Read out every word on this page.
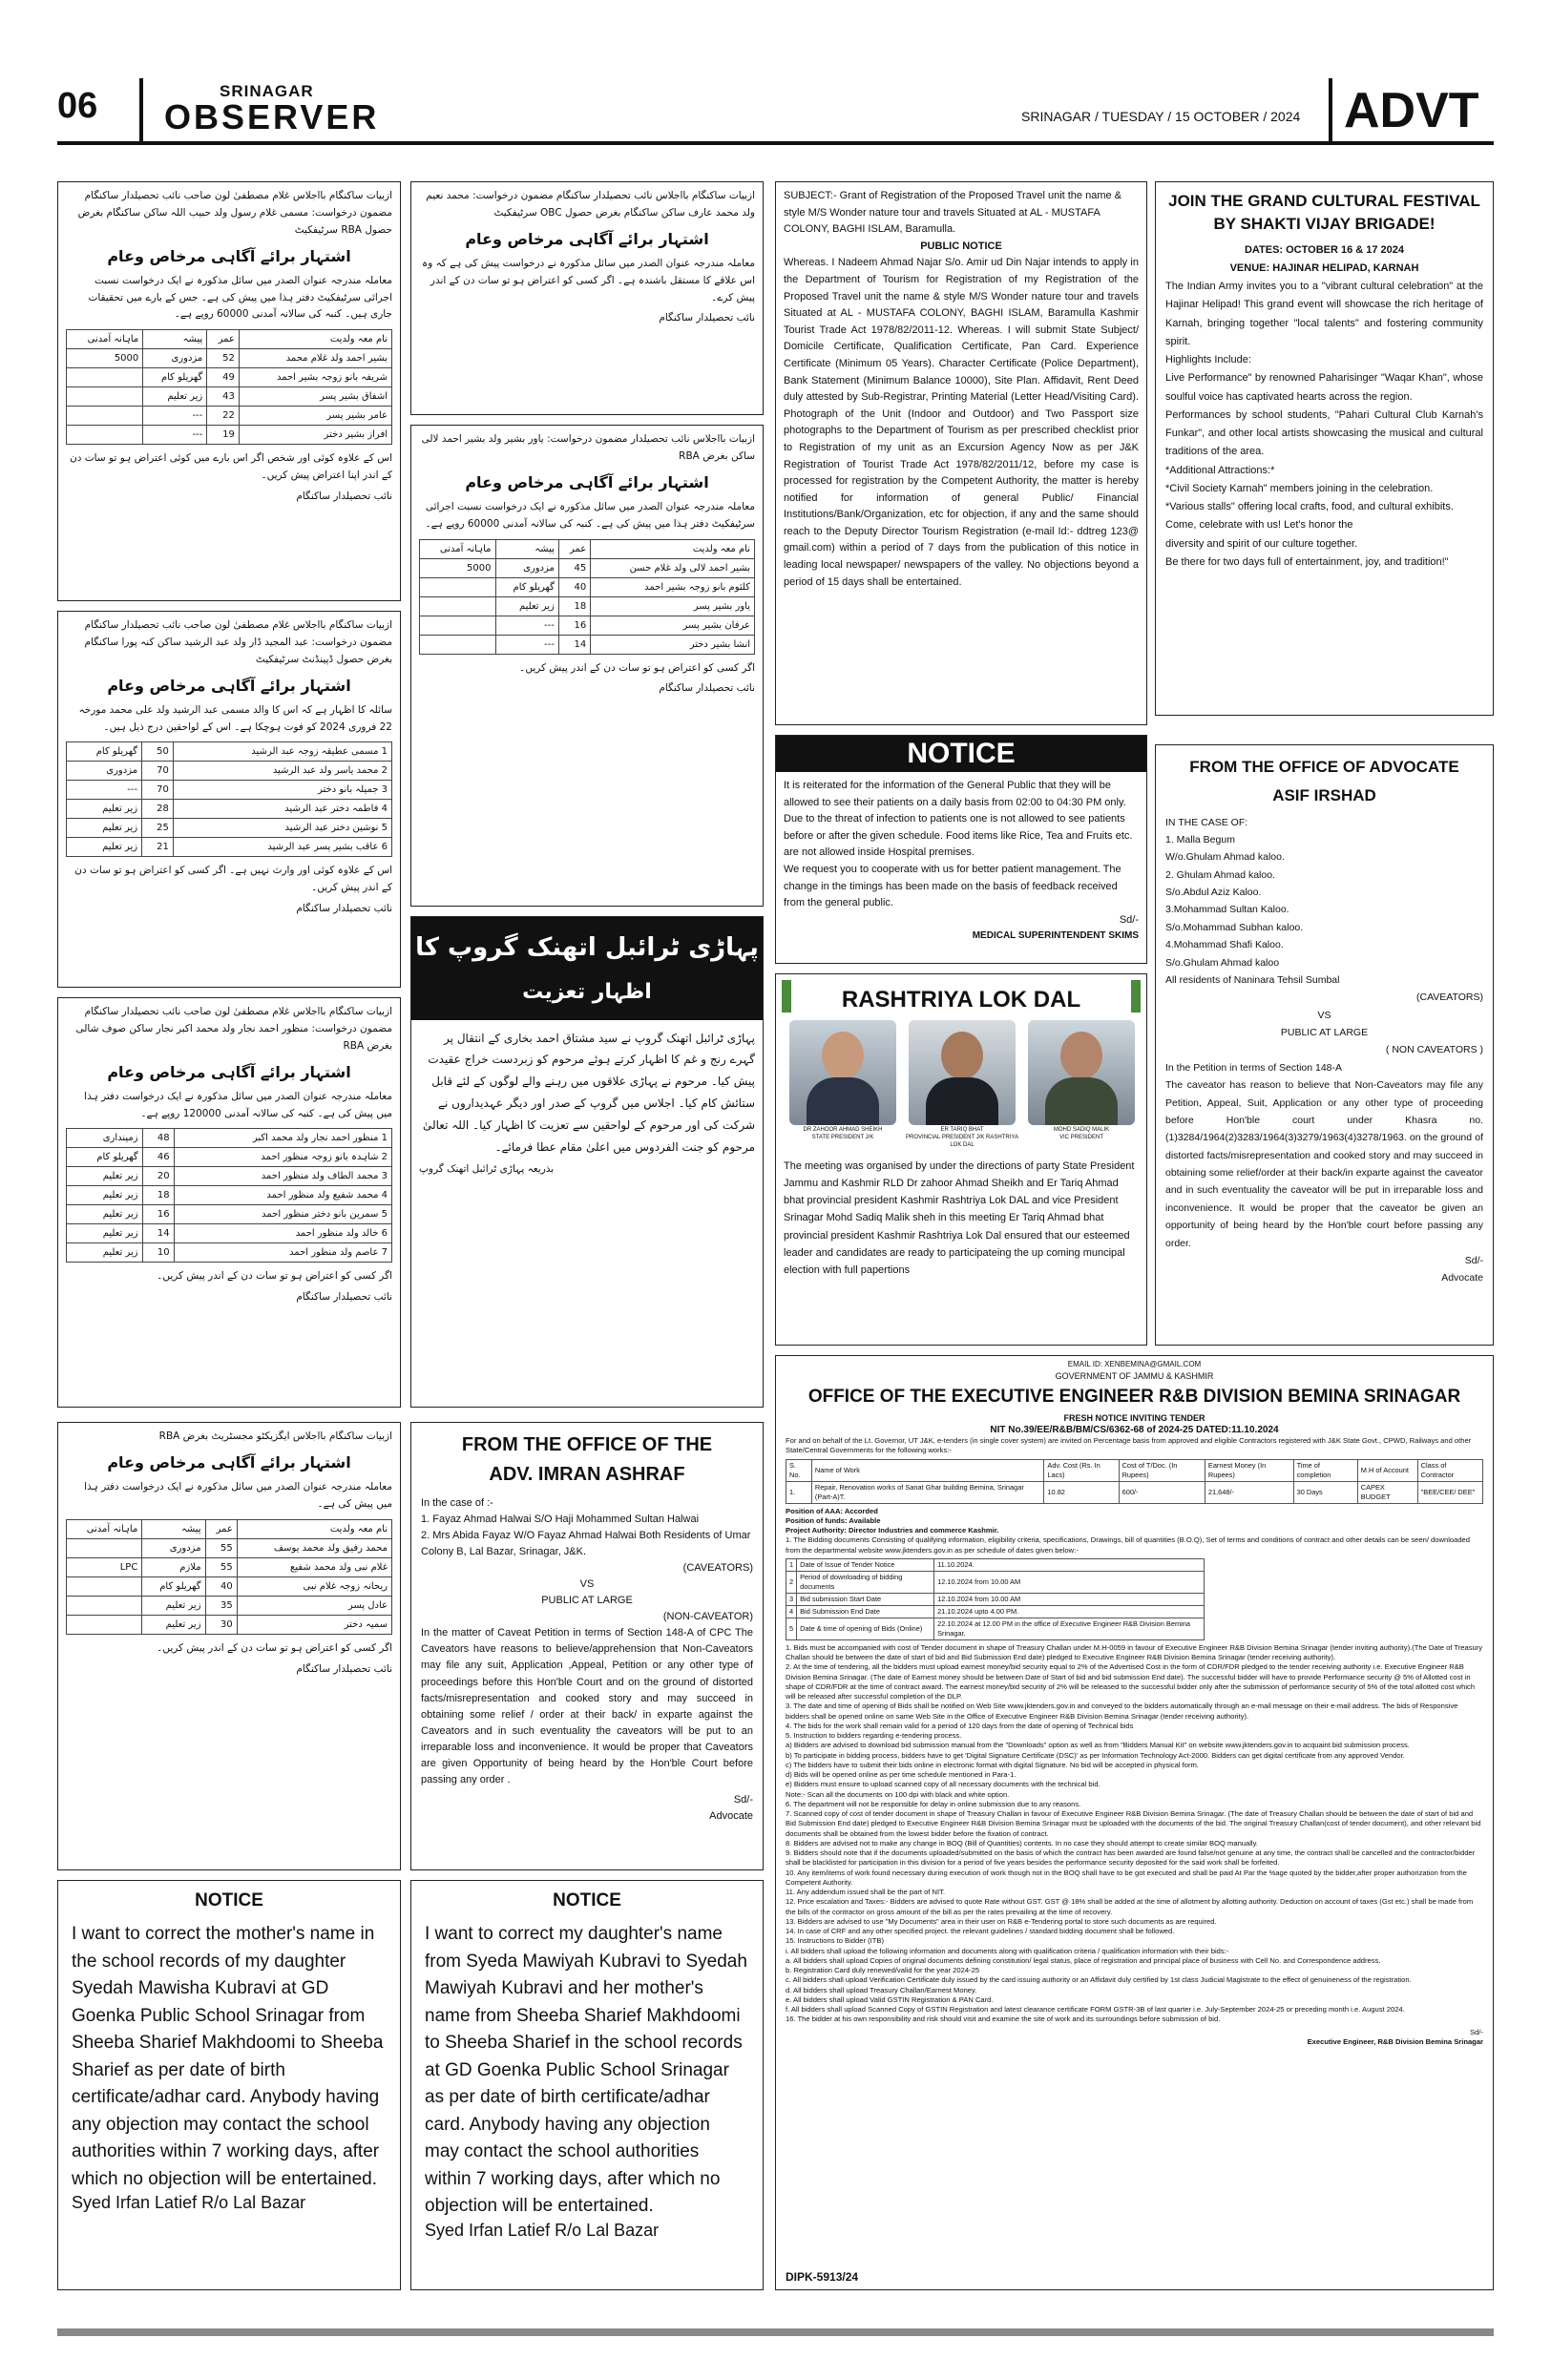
06	SRINAGAR
OBSERVER	SRINAGAR / TUESDAY / 15 OCTOBER / 2024 ADVT
ازبیات ساکنگام بااجلاس غلام مصطفیٰ لون صاحب نائب تحصیلدار ساکنگام مضمون درخواست: مسمی غلام رسول ولد حبیب اللہ ساکن ساکنگام بغرض حصول RBA سرٹیفکیٹ
اشتہار برائے آگاہی مرخاص وعام
معاملہ مندرجہ عنوان الصدر میں سائل مذکورہ نے ایک درخواست نسبت اجرائی سرٹیفکیٹ دفتر ہذا میں پیش کی ہے۔ جس کے بارے میں تحقیقات جاری ہیں۔ کنبہ کی سالانہ آمدنی 60000 روپے ہے۔
نام معہ ولدیت	عمر	پیشہ	ماہانہ آمدنی
بشیر احمد ولد غلام محمد	52	مزدوری	5000
شریفہ بانو زوجہ بشیر احمد	49	گھریلو کام	
اشفاق بشیر پسر	43	زیر تعلیم	
عامر بشیر پسر	22	---	
افراز بشیر دختر	19	---	
اس کے علاوہ کوئی اور شخص اگر اس بارے میں کوئی اعتراض ہو تو سات دن کے اندر اپنا اعتراض پیش کریں۔
نائب تحصیلدار ساکنگام
ازبیات ساکنگام بااجلاس غلام مصطفیٰ لون صاحب نائب تحصیلدار ساکنگام مضمون درخواست: عبد المجید ڈار ولد عبد الرشید ساکن کنہ پورا ساکنگام بغرض حصول ڈپینڈنٹ سرٹیفکیٹ
اشتہار برائے آگاہی مرخاص وعام
سائلہ کا اظہار ہے کہ اس کا والد مسمی عبد الرشید ولد علی محمد مورخہ 22 فروری 2024 کو فوت ہوچکا ہے۔ اس کے لواحقین درج ذیل ہیں۔
1 مسمی عطیقہ زوجہ عبد الرشید	50	گھریلو کام
2 محمد یاسر ولد عبد الرشید	70	مزدوری
3 جمیلہ بانو دختر	70	---
4 فاطمہ دختر عبد الرشید	28	زیر تعلیم
5 نوشین دختر عبد الرشید	25	زیر تعلیم
6 عاقب بشیر پسر عبد الرشید	21	زیر تعلیم
اس کے علاوہ کوئی اور وارث نہیں ہے۔ اگر کسی کو اعتراض ہو تو سات دن کے اندر پیش کریں۔
نائب تحصیلدار ساکنگام
ازبیات ساکنگام بااجلاس غلام مصطفیٰ لون صاحب نائب تحصیلدار ساکنگام مضمون درخواست: منظور احمد نجار ولد محمد اکبر نجار ساکن صوف شالی بغرض RBA
اشتہار برائے آگاہی مرخاص وعام
معاملہ مندرجہ عنوان الصدر میں سائل مذکورہ نے ایک درخواست دفتر ہذا میں پیش کی ہے۔ کنبہ کی سالانہ آمدنی 120000 روپے ہے۔
1 منظور احمد نجار ولد محمد اکبر	48	زمینداری
2 شاہدہ بانو زوجہ منظور احمد	46	گھریلو کام
3 محمد الطاف ولد منظور احمد	20	زیر تعلیم
4 محمد شفیع ولد منظور احمد	18	زیر تعلیم
5 سمرین بانو دختر منظور احمد	16	زیر تعلیم
6 خالد ولد منظور احمد	14	زیر تعلیم
7 عاصم ولد منظور احمد	10	زیر تعلیم
اگر کسی کو اعتراض ہو تو سات دن کے اندر پیش کریں۔
نائب تحصیلدار ساکنگام
ازبیات ساکنگام بااجلاس ایگزیکٹو مجسٹریٹ بغرض RBA
اشتہار برائے آگاہی مرخاص وعام
معاملہ مندرجہ عنوان الصدر میں سائل مذکورہ نے ایک درخواست دفتر ہذا میں پیش کی ہے۔
نام معہ ولدیت	عمر	پیشہ	ماہانہ آمدنی
محمد رفیق ولد محمد یوسف	55	مزدوری	
غلام نبی ولد محمد شفیع	55	ملازم	LPC
ریحانہ زوجہ غلام نبی	40	گھریلو کام	
عادل پسر	35	زیر تعلیم	
سمیہ دختر	30	زیر تعلیم	
اگر کسی کو اعتراض ہو تو سات دن کے اندر پیش کریں۔
نائب تحصیلدار ساکنگام
ازبیات ساکنگام بااجلاس نائب تحصیلدار ساکنگام مضمون درخواست: محمد نعیم ولد محمد عارف ساکن ساکنگام بغرض حصول OBC سرٹیفکیٹ
اشتہار برائے آگاہی مرخاص وعام
معاملہ مندرجہ عنوان الصدر میں سائل مذکورہ نے درخواست پیش کی ہے کہ وہ اس علاقے کا مستقل باشندہ ہے۔ اگر کسی کو اعتراض ہو تو سات دن کے اندر پیش کرے۔
نائب تحصیلدار ساکنگام
ازبیات بااجلاس نائب تحصیلدار مضمون درخواست: یاور بشیر ولد بشیر احمد لالی ساکن بغرض RBA
اشتہار برائے آگاہی مرخاص وعام
معاملہ مندرجہ عنوان الصدر میں سائل مذکورہ نے ایک درخواست نسبت اجرائی سرٹیفکیٹ دفتر ہذا میں پیش کی ہے۔ کنبہ کی سالانہ آمدنی 60000 روپے ہے۔
نام معہ ولدیت	عمر	پیشہ	ماہانہ آمدنی
بشیر احمد لالی ولد غلام حسن	45	مزدوری	5000
کلثوم بانو زوجہ بشیر احمد	40	گھریلو کام	
یاور بشیر پسر	18	زیر تعلیم	
عرفان بشیر پسر	16	---	
انشا بشیر دختر	14	---	
اگر کسی کو اعتراض ہو تو سات دن کے اندر پیش کریں۔
نائب تحصیلدار ساکنگام
پہاڑی ٹرائبل اتھنک گروپ کا
اظہار تعزیت
پہاڑی ٹرائبل اتھنک گروپ نے سید مشتاق احمد بخاری کے انتقال پر گہرے رنج و غم کا اظہار کرتے ہوئے مرحوم کو زبردست خراج عقیدت پیش کیا۔ مرحوم نے پہاڑی علاقوں میں رہنے والے لوگوں کے لئے قابل ستائش کام کیا۔ اجلاس میں گروپ کے صدر اور دیگر عہدیداروں نے شرکت کی اور مرحوم کے لواحقین سے تعزیت کا اظہار کیا۔ اللہ تعالیٰ مرحوم کو جنت الفردوس میں اعلیٰ مقام عطا فرمائے۔
بذریعہ پہاڑی ٹرائبل اتھنک گروپ
FROM THE OFFICE OF THE
ADV. IMRAN ASHRAF
In the case of :-
1. Fayaz Ahmad Halwai S/O Haji Mohammed Sultan Halwai
2. Mrs Abida Fayaz W/O Fayaz Ahmad Halwai Both Residents of Umar Colony B, Lal Bazar, Srinagar, J&K.
(CAVEATORS)
VS
PUBLIC AT LARGE
(NON-CAVEATOR)
In the matter of Caveat Petition in terms of Section 148-A of CPC The Caveators have reasons to believe/apprehension that Non-Caveators may file any suit, Application ,Appeal, Petition or any other type of proceedings before this Hon'ble Court and on the ground of distorted facts/misrepresentation and cooked story and may succeed in obtaining some relief / order at their back/ in exparte against the Caveators and in such eventuality the caveators will be put to an irreparable loss and inconvenience. It would be proper that Caveators are given Opportunity of being heard by the Hon'ble Court before passing any order .
Sd/-
Advocate
SUBJECT:- Grant of Registration of the Proposed Travel unit the name & style M/S Wonder nature tour and travels Situated at AL - MUSTAFA COLONY, BAGHI ISLAM, Baramulla.
PUBLIC NOTICE
Whereas. I Nadeem Ahmad Najar S/o. Amir ud Din Najar intends to apply in the Department of Tourism for Registration of my Registration of the Proposed Travel unit the name & style M/S Wonder nature tour and travels Situated at AL - MUSTAFA COLONY, BAGHI ISLAM, Baramulla Kashmir Tourist Trade Act 1978/82/2011-12. Whereas. I will submit State Subject/ Domicile Certificate, Qualification Certificate, Pan Card. Experience Certificate (Minimum 05 Years). Character Certificate (Police Department), Bank Statement (Minimum Balance 10000), Site Plan. Affidavit, Rent Deed duly attested by Sub-Registrar, Printing Material (Letter Head/Visiting Card). Photograph of the Unit (Indoor and Outdoor) and Two Passport size photographs to the Department of Tourism as per prescribed checklist prior to Registration of my unit as an Excursion Agency Now as per J&K Registration of Tourist Trade Act 1978/82/2011/12, before my case is processed for registration by the Competent Authority, the matter is hereby notified for information of general Public/ Financial Institutions/Bank/Organization, etc for objection, if any and the same should reach to the Deputy Director Tourism Registration (e-mail Id:- ddtreg 123@ gmail.com) within a period of 7 days from the publication of this notice in leading local newspaper/ newspapers of the valley. No objections beyond a period of 15 days shall be entertained.
NOTICE
It is reiterated for the information of the General Public that they will be allowed to see their patients on a daily basis from 02:00 to 04:30 PM only. Due to the threat of infection to patients one is not allowed to see patients before or after the given schedule. Food items like Rice, Tea and Fruits etc. are not allowed inside Hospital premises.
We request you to cooperate with us for better patient management. The change in the timings has been made on the basis of feedback received from the general public.
Sd/-
MEDICAL SUPERINTENDENT SKIMS
RASHTRIYA LOK DAL
DR ZAHOOR AHMAD SHEIKH
STATE PRESIDENT J/K
ER TARIQ BHAT
PROVINCIAL PRESIDENT J/K RASHTRIYA LOK DAL
MOHD SADIQ MALIK
VIC PRESIDENT
The meeting was organised by under the directions of party State President Jammu and Kashmir RLD Dr zahoor Ahmad Sheikh and Er Tariq Ahmad bhat provincial president Kashmir Rashtriya Lok DAL and vice President Srinagar Mohd Sadiq Malik sheh in this meeting Er Tariq Ahmad bhat provincial president Kashmir Rashtriya Lok Dal ensured that our esteemed leader and candidates are ready to participateing the up coming muncipal election with full papertions
JOIN THE GRAND CULTURAL FESTIVAL BY SHAKTI VIJAY BRIGADE!
DATES: OCTOBER 16 & 17 2024
VENUE: HAJINAR HELIPAD, KARNAH
The Indian Army invites you to a "vibrant cultural celebration" at the Hajinar Helipad! This grand event will showcase the rich heritage of Karnah, bringing together "local talents" and fostering community spirit.
Highlights Include:
Live Performance" by renowned Paharisinger "Waqar Khan", whose soulful voice has captivated hearts across the region.
Performances by school students, "Pahari Cultural Club Karnah's Funkar", and other local artists showcasing the musical and cultural traditions of the area.
*Additional Attractions:*
*Civil Society Karnah" members joining in the celebration.
*Various stalls" offering local crafts, food, and cultural exhibits.
Come, celebrate with us! Let's honor the
diversity and spirit of our culture together.
Be there for two days full of entertainment, joy, and tradition!"
FROM THE OFFICE OF ADVOCATE
ASIF IRSHAD
IN THE CASE OF:
1. Malla Begum
W/o.Ghulam Ahmad kaloo.
2. Ghulam Ahmad kaloo.
S/o.Abdul Aziz Kaloo.
3.Mohammad Sultan Kaloo.
S/o.Mohammad Subhan kaloo.
4.Mohammad Shafi Kaloo.
S/o.Ghulam Ahmad kaloo
All residents of Naninara Tehsil Sumbal
(CAVEATORS)
VS
PUBLIC AT LARGE
( NON CAVEATORS )
In the Petition in terms of Section 148-A
The caveator has reason to believe that Non-Caveators may file any Petition, Appeal, Suit, Application or any other type of proceeding before Hon'ble court under Khasra no.(1)3284/1964(2)3283/1964(3)3279/1963(4)3278/1963. on the ground of distorted facts/misrepresentation and cooked story and may succeed in obtaining some relief/order at their back/in exparte against the caveator and in such eventuality the caveator will be put in irreparable loss and inconvenience. It would be proper that the caveator be given an opportunity of being heard by the Hon'ble court before passing any order.
Sd/-
Advocate
EMAIL ID: XENBEMINA@GMAIL.COM
GOVERNMENT OF JAMMU & KASHMIR
OFFICE OF THE EXECUTIVE ENGINEER R&B DIVISION BEMINA SRINAGAR
FRESH NOTICE INVITING TENDER
NIT No.39/EE/R&B/BM/CS/6362-68 of 2024-25 DATED:11.10.2024
For and on behalf of the Lt. Governor, UT J&K, e-tenders (in single cover system) are invited on Percentage basis from approved and eligible Contractors registered with J&K State Govt., CPWD, Railways and other State/Central Governments for the following works:-
S. No.	Name of Work	Adv. Cost (Rs. In Lacs)	Cost of T/Doc. (In Rupees)	Earnest Money (In Rupees)	Time of completion	M.H of Account	Class of Contractor
1.	Repair, Renovation works of Sanat Ghar building Bemina, Srinagar (Part-A)T.	10.82	600/-	21,648/-	30 Days	CAPEX BUDGET	"BEE/CEE/ DEE"
Position of AAA: Accorded
Position of funds: Available
Project Authority: Director Industries and commerce Kashmir.
1. The Bidding documents Consisting of qualifying information, eligibility criteria, specifications, Drawings, bill of quantities (B.O.Q), Set of terms and conditions of contract and other details can be seen/ downloaded from the departmental website www.jktenders.gov.in as per schedule of dates given below:-
1	Date of Issue of Tender Notice	11.10.2024.
2	Period of downloading of bidding documents	12.10.2024 from 10.00 AM
3	Bid submission Start Date	12.10.2024 from 10.00 AM
4	Bid Submission End Date	21.10.2024 upto 4.00 PM.
5	Date & time of opening of Bids (Online)	22.10.2024 at 12.00 PM in the office of Executive Engineer R&B Division Bemina Srinagar.
1. Bids must be accompanied with cost of Tender document in shape of Treasury Challan under M.H-0059 in favour of Executive Engineer R&B Division Bemina Srinagar (tender inviting authority).(The Date of Treasury Challan should be between the date of start of bid and Bid Submission End date) pledged to Executive Engineer R&B Division Bemina Srinagar (tender receiving authority).
2. At the time of tendering, all the bidders must upload earnest money/bid security equal to 2% of the Advertised Cost in the form of CDR/FDR pledged to the tender receiving authority i.e. Executive Engineer R&B Division Bemina Srinagar. (The date of Earnest money should be between Date of Start of bid and bid submission End date). The successful bidder will have to provide Performance security @ 5% of Allotted cost in shape of CDR/FDR at the time of contract award. The earnest money/bid security of 2% will be released to the successful bidder only after the submission of performance security of 5% of the total allotted cost which will be released after successful completion of the DLP.
3. The date and time of opening of Bids shall be notified on Web Site www.jktenders.gov.in and conveyed to the bidders automatically through an e-mail message on their e-mail address. The bids of Responsive bidders shall be opened online on same Web Site in the Office of Executive Engineer R&B Division Bemina Srinagar (tender receiving authority).
4. The bids for the work shall remain valid for a period of 120 days from the date of opening of Technical bids
5. Instruction to bidders regarding e-tendering process.
a) Bidders are advised to download bid submission manual from the "Downloads" option as well as from "Bidders Manual Kit" on website www.jktenders.gov.in to acquaint bid submission process.
b) To participate in bidding process, bidders have to get 'Digital Signature Certificate (DSC)' as per Information Technology Act-2000. Bidders can get digital certificate from any approved Vendor.
c) The bidders have to submit their bids online in electronic format with digital Signature. No bid will be accepted in physical form.
d) Bids will be opened online as per time schedule mentioned in Para-1.
e) Bidders must ensure to upload scanned copy of all necessary documents with the technical bid.
Note:- Scan all the documents on 100 dpi with black and white option.
6. The department will not be responsible for delay in online submission due to any reasons.
7. Scanned copy of cost of tender document in shape of Treasury Challan in favour of Executive Engineer R&B Division Bemina Srinagar. (The date of Treasury Challan should be between the date of start of bid and Bid Submission End date) pledged to Executive Engineer R&B Division Bemina Srinagar must be uploaded with the documents of the bid. The original Treasury Challan(cost of tender document), and other relevant bid documents shall be obtained from the lowest bidder before the fixation of contract.
8. Bidders are advised not to make any change in BOQ (Bill of Quantities) contents. In no case they should attempt to create similar BOQ manually.
9. Bidders should note that if the documents uploaded/submitted on the basis of which the contract has been awarded are found false/not genuine at any time, the contract shall be cancelled and the contractor/bidder shall be blacklisted for participation in this division for a period of five years besides the performance security deposited for the said work shall be forfeited.
10. Any item/items of work found necessary during execution of work though not in the BOQ shall have to be got executed and shall be paid At Par the %age quoted by the bidder,after proper authorization from the Competent Authority.
11. Any addendum issued shall be the part of NIT.
12. Price escalation and Taxes:- Bidders are advised to quote Rate without GST. GST @ 18% shall be added at the time of allotment by allotting authority. Deduction on account of taxes (Gst etc.) shall be made from the bills of the contractor on gross amount of the bill as per the rates prevailing at the time of recovery.
13. Bidders are advised to use "My Documents" area in their user on R&B e-Tendering portal to store such documents as are required.
14. In case of CRF and any other specified project. the relevant guidelines / standard bidding document shall be followed.
15. Instructions to Bidder (ITB)
i. All bidders shall upload the following information and documents along with qualification criteria / qualification information with their bids:-
a. All bidders shall upload Copies of original documents defining constitution/ legal status, place of registration and principal place of business with Cell No. and Correspondence address.
b. Registration Card duly renewed/valid for the year 2024-25
c. All bidders shall upload Verification Certificate duly issued by the card issuing authority or an Affidavit duly certified by 1st class Judicial Magistrate to the effect of genuineness of the registration.
d. All bidders shall upload Treasury Challan/Earnest Money.
e. All bidders shall upload Valid GSTIN Registration & PAN Card.
f. All bidders shall upload Scanned Copy of GSTIN Registration and latest clearance certificate FORM GSTR-3B of last quarter i.e. July-September 2024-25 or preceding month i.e. August 2024.
16. The bidder at his own responsibility and risk should visit and examine the site of work and its surroundings before submission of bid.
Sd/-
Executive Engineer, R&B Division Bemina Srinagar
DIPK-5913/24
NOTICE
I want to correct the mother's name in the school records of my daughter Syedah Mawisha Kubravi at GD Goenka Public School Srinagar from Sheeba Sharief Makhdoomi to Sheeba Sharief as per date of birth certificate/adhar card. Anybody having any objection may contact the school authorities within 7 working days, after which no objection will be entertained.
Syed Irfan Latief R/o Lal Bazar
NOTICE
I want to correct my daughter's name from Syeda Mawiyah Kubravi to Syedah Mawiyah Kubravi and her mother's name from Sheeba Sharief Makhdoomi to Sheeba Sharief in the school records at GD Goenka Public School Srinagar as per date of birth certificate/adhar card. Anybody having any objection may contact the school authorities within 7 working days, after which no objection will be entertained.
Syed Irfan Latief R/o Lal Bazar
